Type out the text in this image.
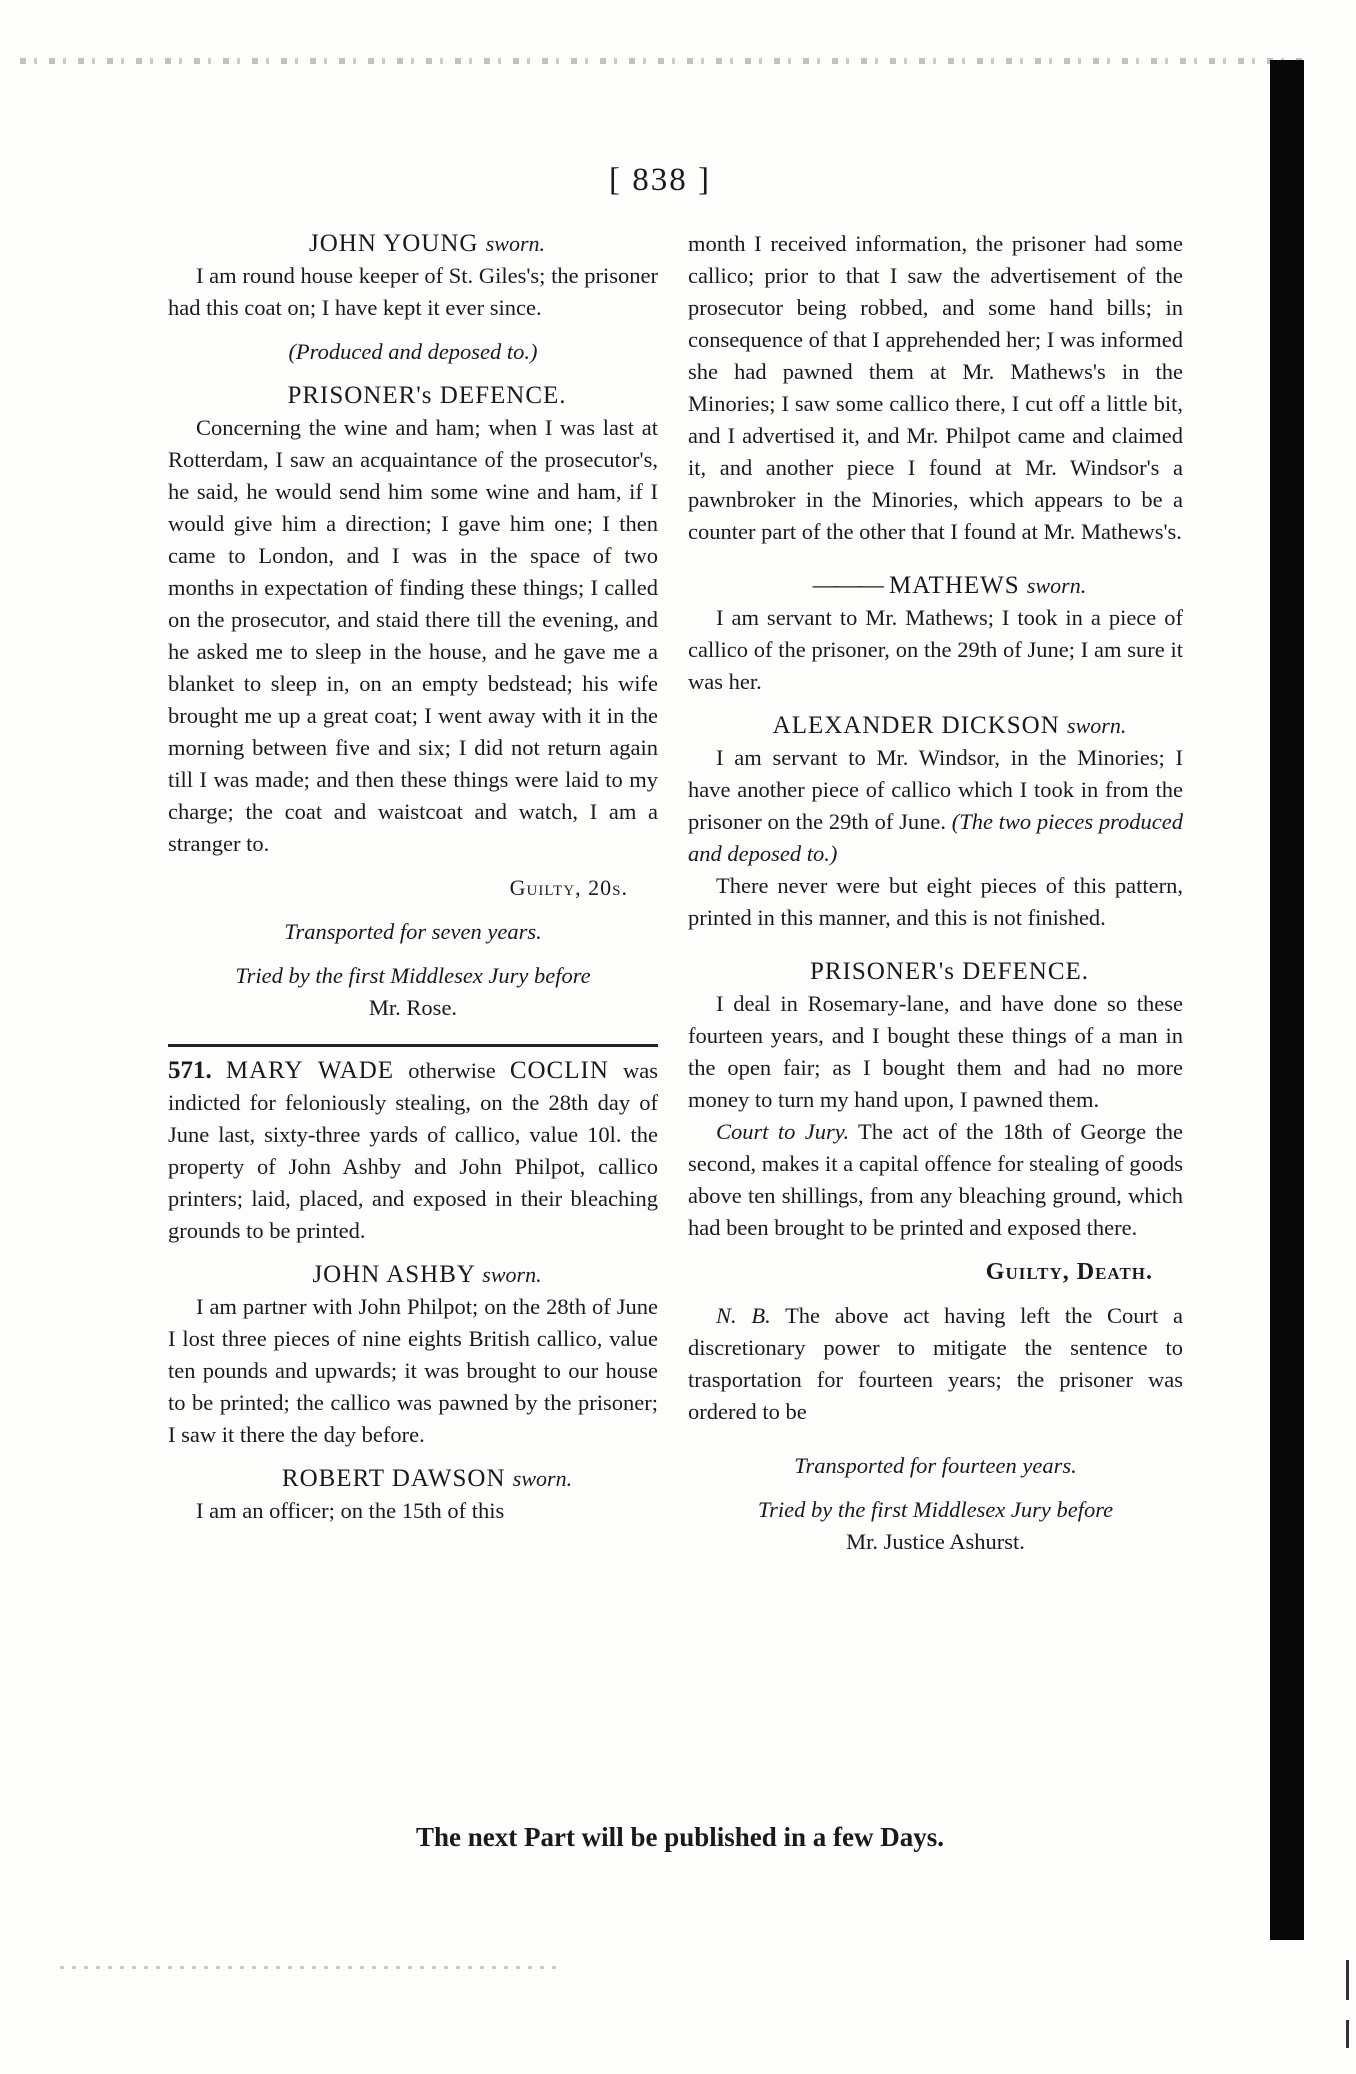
[ 838 ]

JOHN YOUNG sworn.

I am round house keeper of St. Giles's; the prisoner had this coat on; I have kept it ever since.

(Produced and deposed to.)

PRISONER's DEFENCE.

Concerning the wine and ham; when I was last at Rotterdam, I saw an acquaintance of the prosecutor's, he said, he would send him some wine and ham, if I would give him a direction; I gave him one; I then came to London, and I was in the space of two months in expectation of finding these things; I called on the prosecutor, and staid there till the evening, and he asked me to sleep in the house, and he gave me a blanket to sleep in, on an empty bedstead; his wife brought me up a great coat; I went away with it in the morning between five and six; I did not return again till I was made; and then these things were laid to my charge; the coat and waistcoat and watch, I am a stranger to.

Guilty, 20s.

Transported for seven years.

Tried by the first Middlesex Jury before

Mr. Rose.

571. MARY WADE otherwise COCLIN was indicted for feloniously stealing, on the 28th day of June last, sixty-three yards of callico, value 10l. the property of John Ashby and John Philpot, callico printers; laid, placed, and exposed in their bleaching grounds to be printed.

JOHN ASHBY sworn.

I am partner with John Philpot; on the 28th of June I lost three pieces of nine eights British callico, value ten pounds and upwards; it was brought to our house to be printed; the callico was pawned by the prisoner; I saw it there the day before.

ROBERT DAWSON sworn.

I am an officer; on the 15th of this

month I received information, the prisoner had some callico; prior to that I saw the advertisement of the prosecutor being robbed, and some hand bills; in consequence of that I apprehended her; I was informed she had pawned them at Mr. Mathews's in the Minories; I saw some callico there, I cut off a little bit, and I advertised it, and Mr. Philpot came and claimed it, and another piece I found at Mr. Windsor's a pawnbroker in the Minories, which appears to be a counter part of the other that I found at Mr. Mathews's.

——— MATHEWS sworn.

I am servant to Mr. Mathews; I took in a piece of callico of the prisoner, on the 29th of June; I am sure it was her.

ALEXANDER DICKSON sworn.

I am servant to Mr. Windsor, in the Minories; I have another piece of callico which I took in from the prisoner on the 29th of June. (The two pieces produced and deposed to.)

There never were but eight pieces of this pattern, printed in this manner, and this is not finished.

PRISONER's DEFENCE.

I deal in Rosemary-lane, and have done so these fourteen years, and I bought these things of a man in the open fair; as I bought them and had no more money to turn my hand upon, I pawned them.

Court to Jury. The act of the 18th of George the second, makes it a capital offence for stealing of goods above ten shillings, from any bleaching ground, which had been brought to be printed and exposed there.

Guilty, Death.

N. B. The above act having left the Court a discretionary power to mitigate the sentence to trasportation for fourteen years; the prisoner was ordered to be

Transported for fourteen years.

Tried by the first Middlesex Jury before

Mr. Justice Ashurst.

The next Part will be published in a few Days.
